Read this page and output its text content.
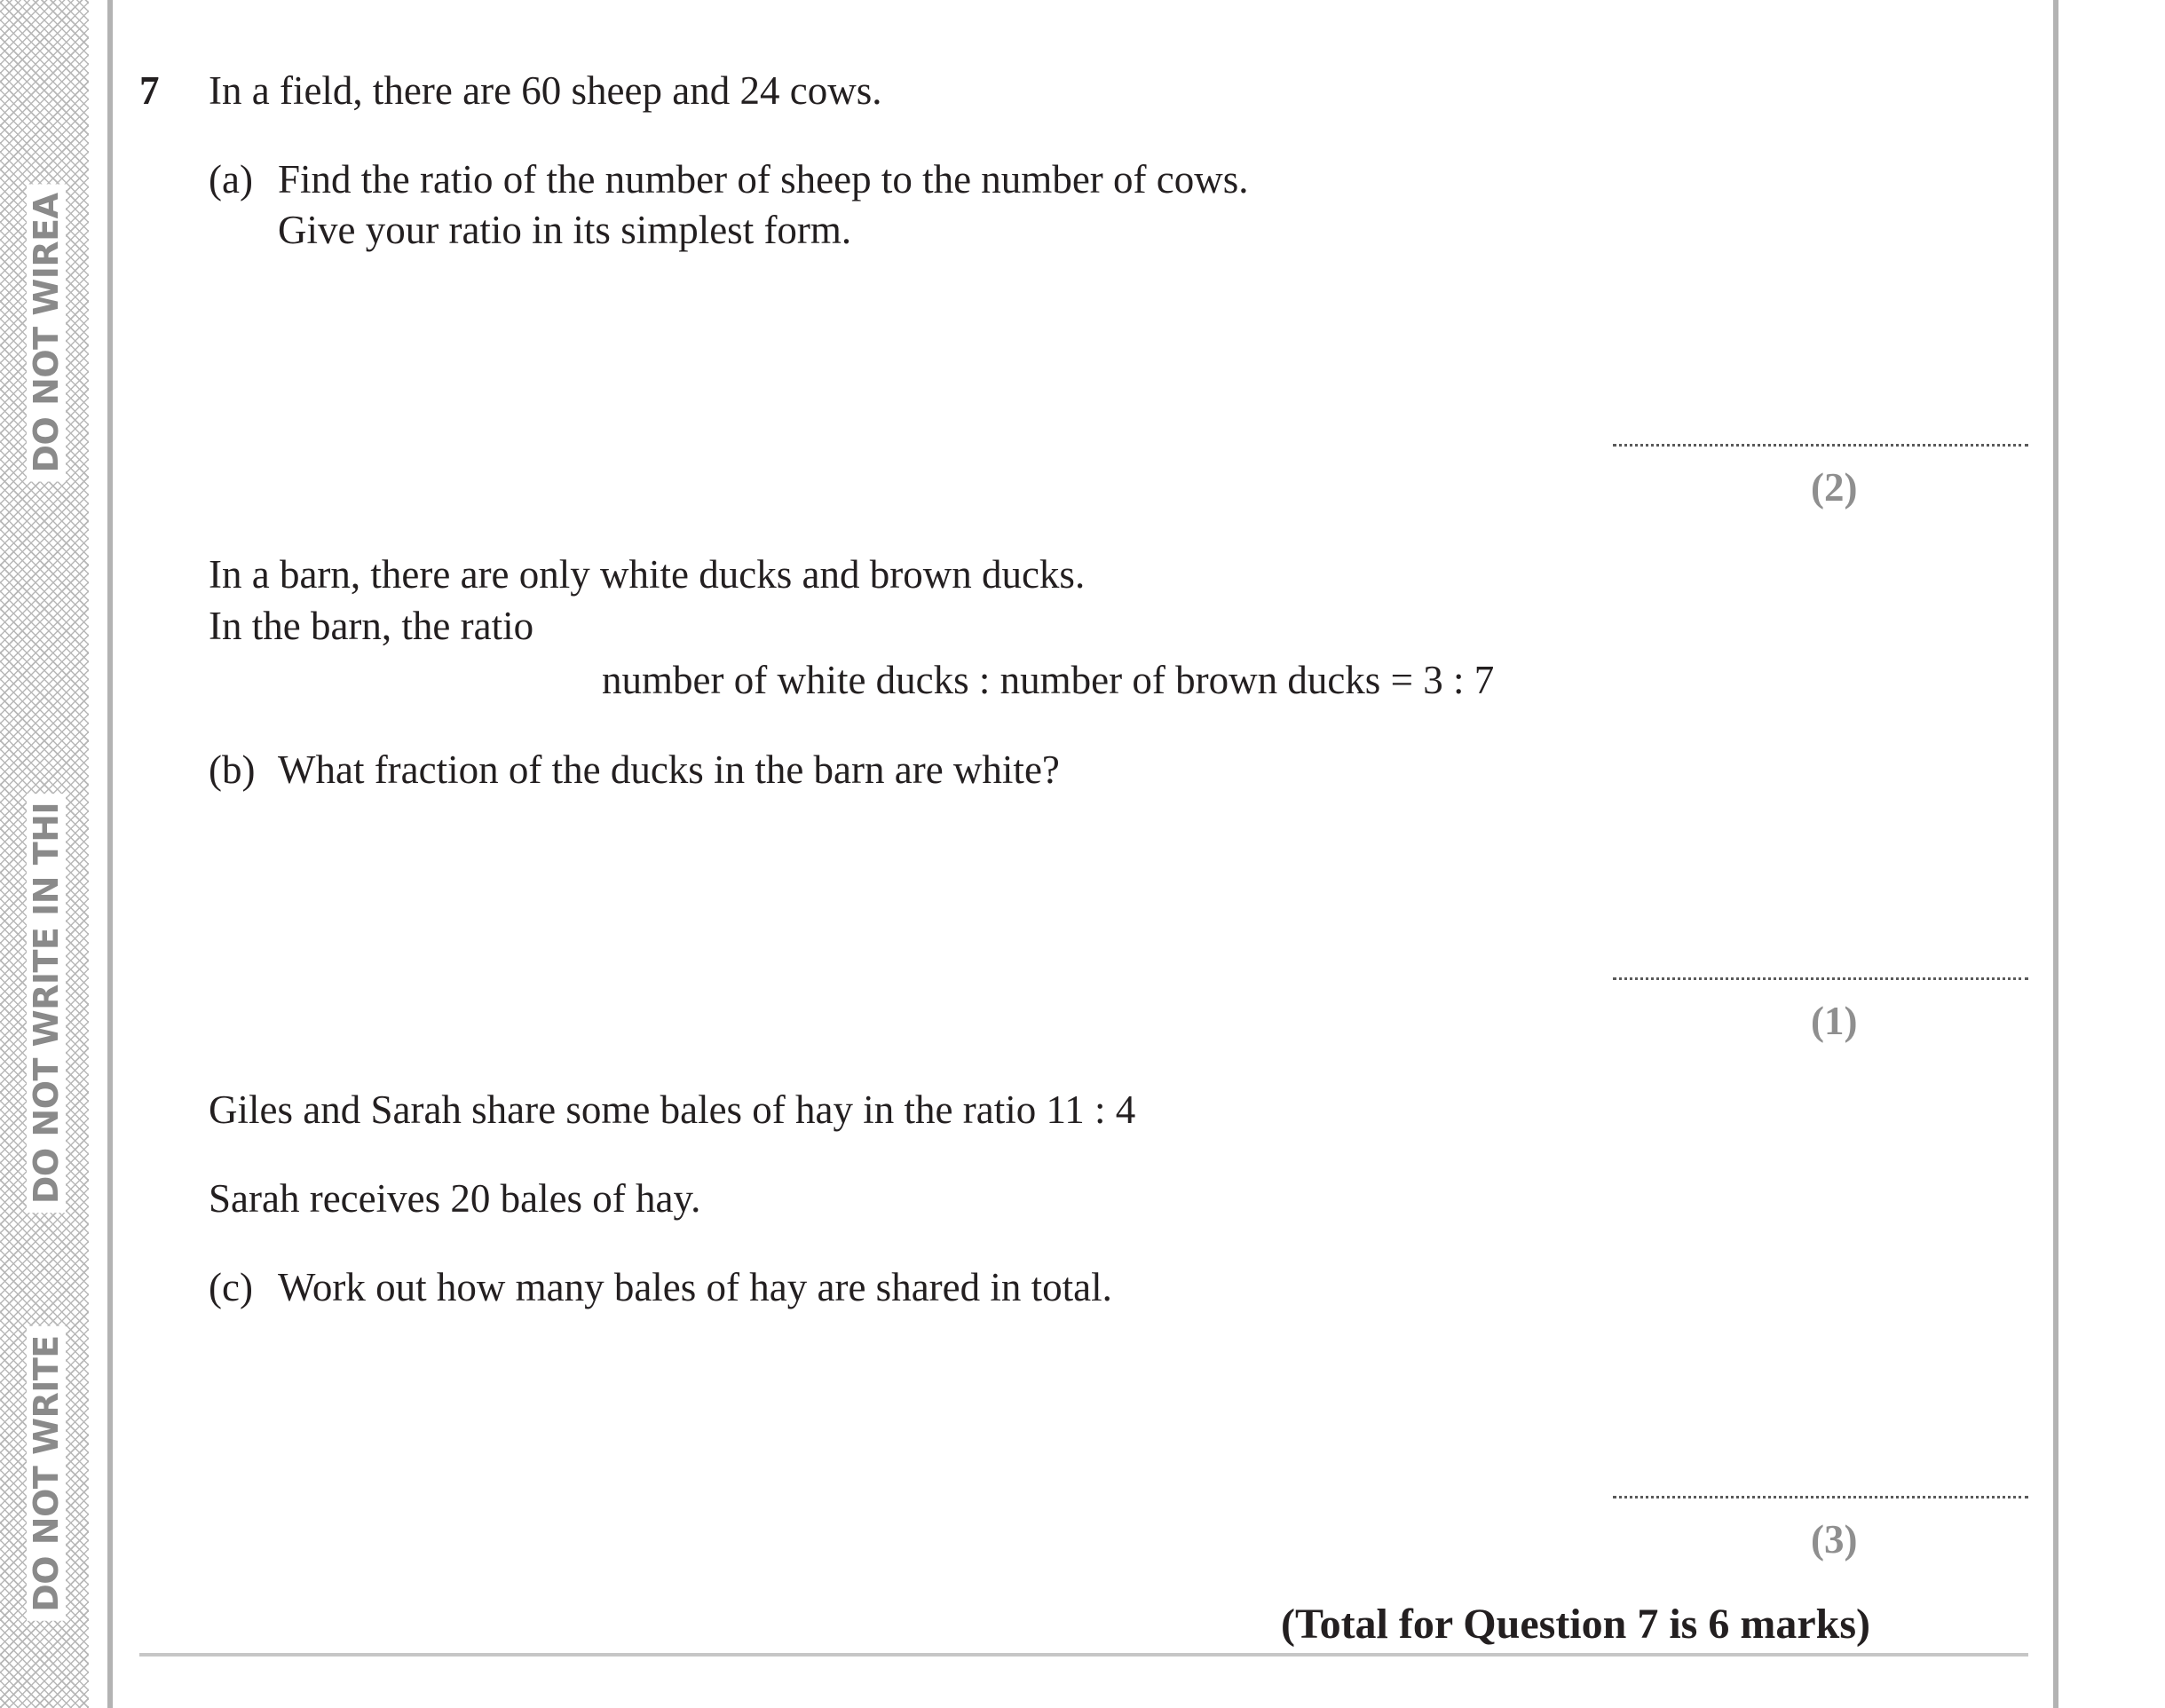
DO NOT WIREA
DO NOT WRITE IN THI
DO NOT WRITE
7 In a field, there are 60 sheep and 24 cows.
(a) Find the ratio of the number of sheep to the number of cows.
Give your ratio in its simplest form.
(2)
In a barn, there are only white ducks and brown ducks.
In the barn, the ratio
number of white ducks : number of brown ducks = 3 : 7
(b) What fraction of the ducks in the barn are white?
(1)
Giles and Sarah share some bales of hay in the ratio 11 : 4
Sarah receives 20 bales of hay.
(c) Work out how many bales of hay are shared in total.
(3)
(Total for Question 7 is 6 marks)
